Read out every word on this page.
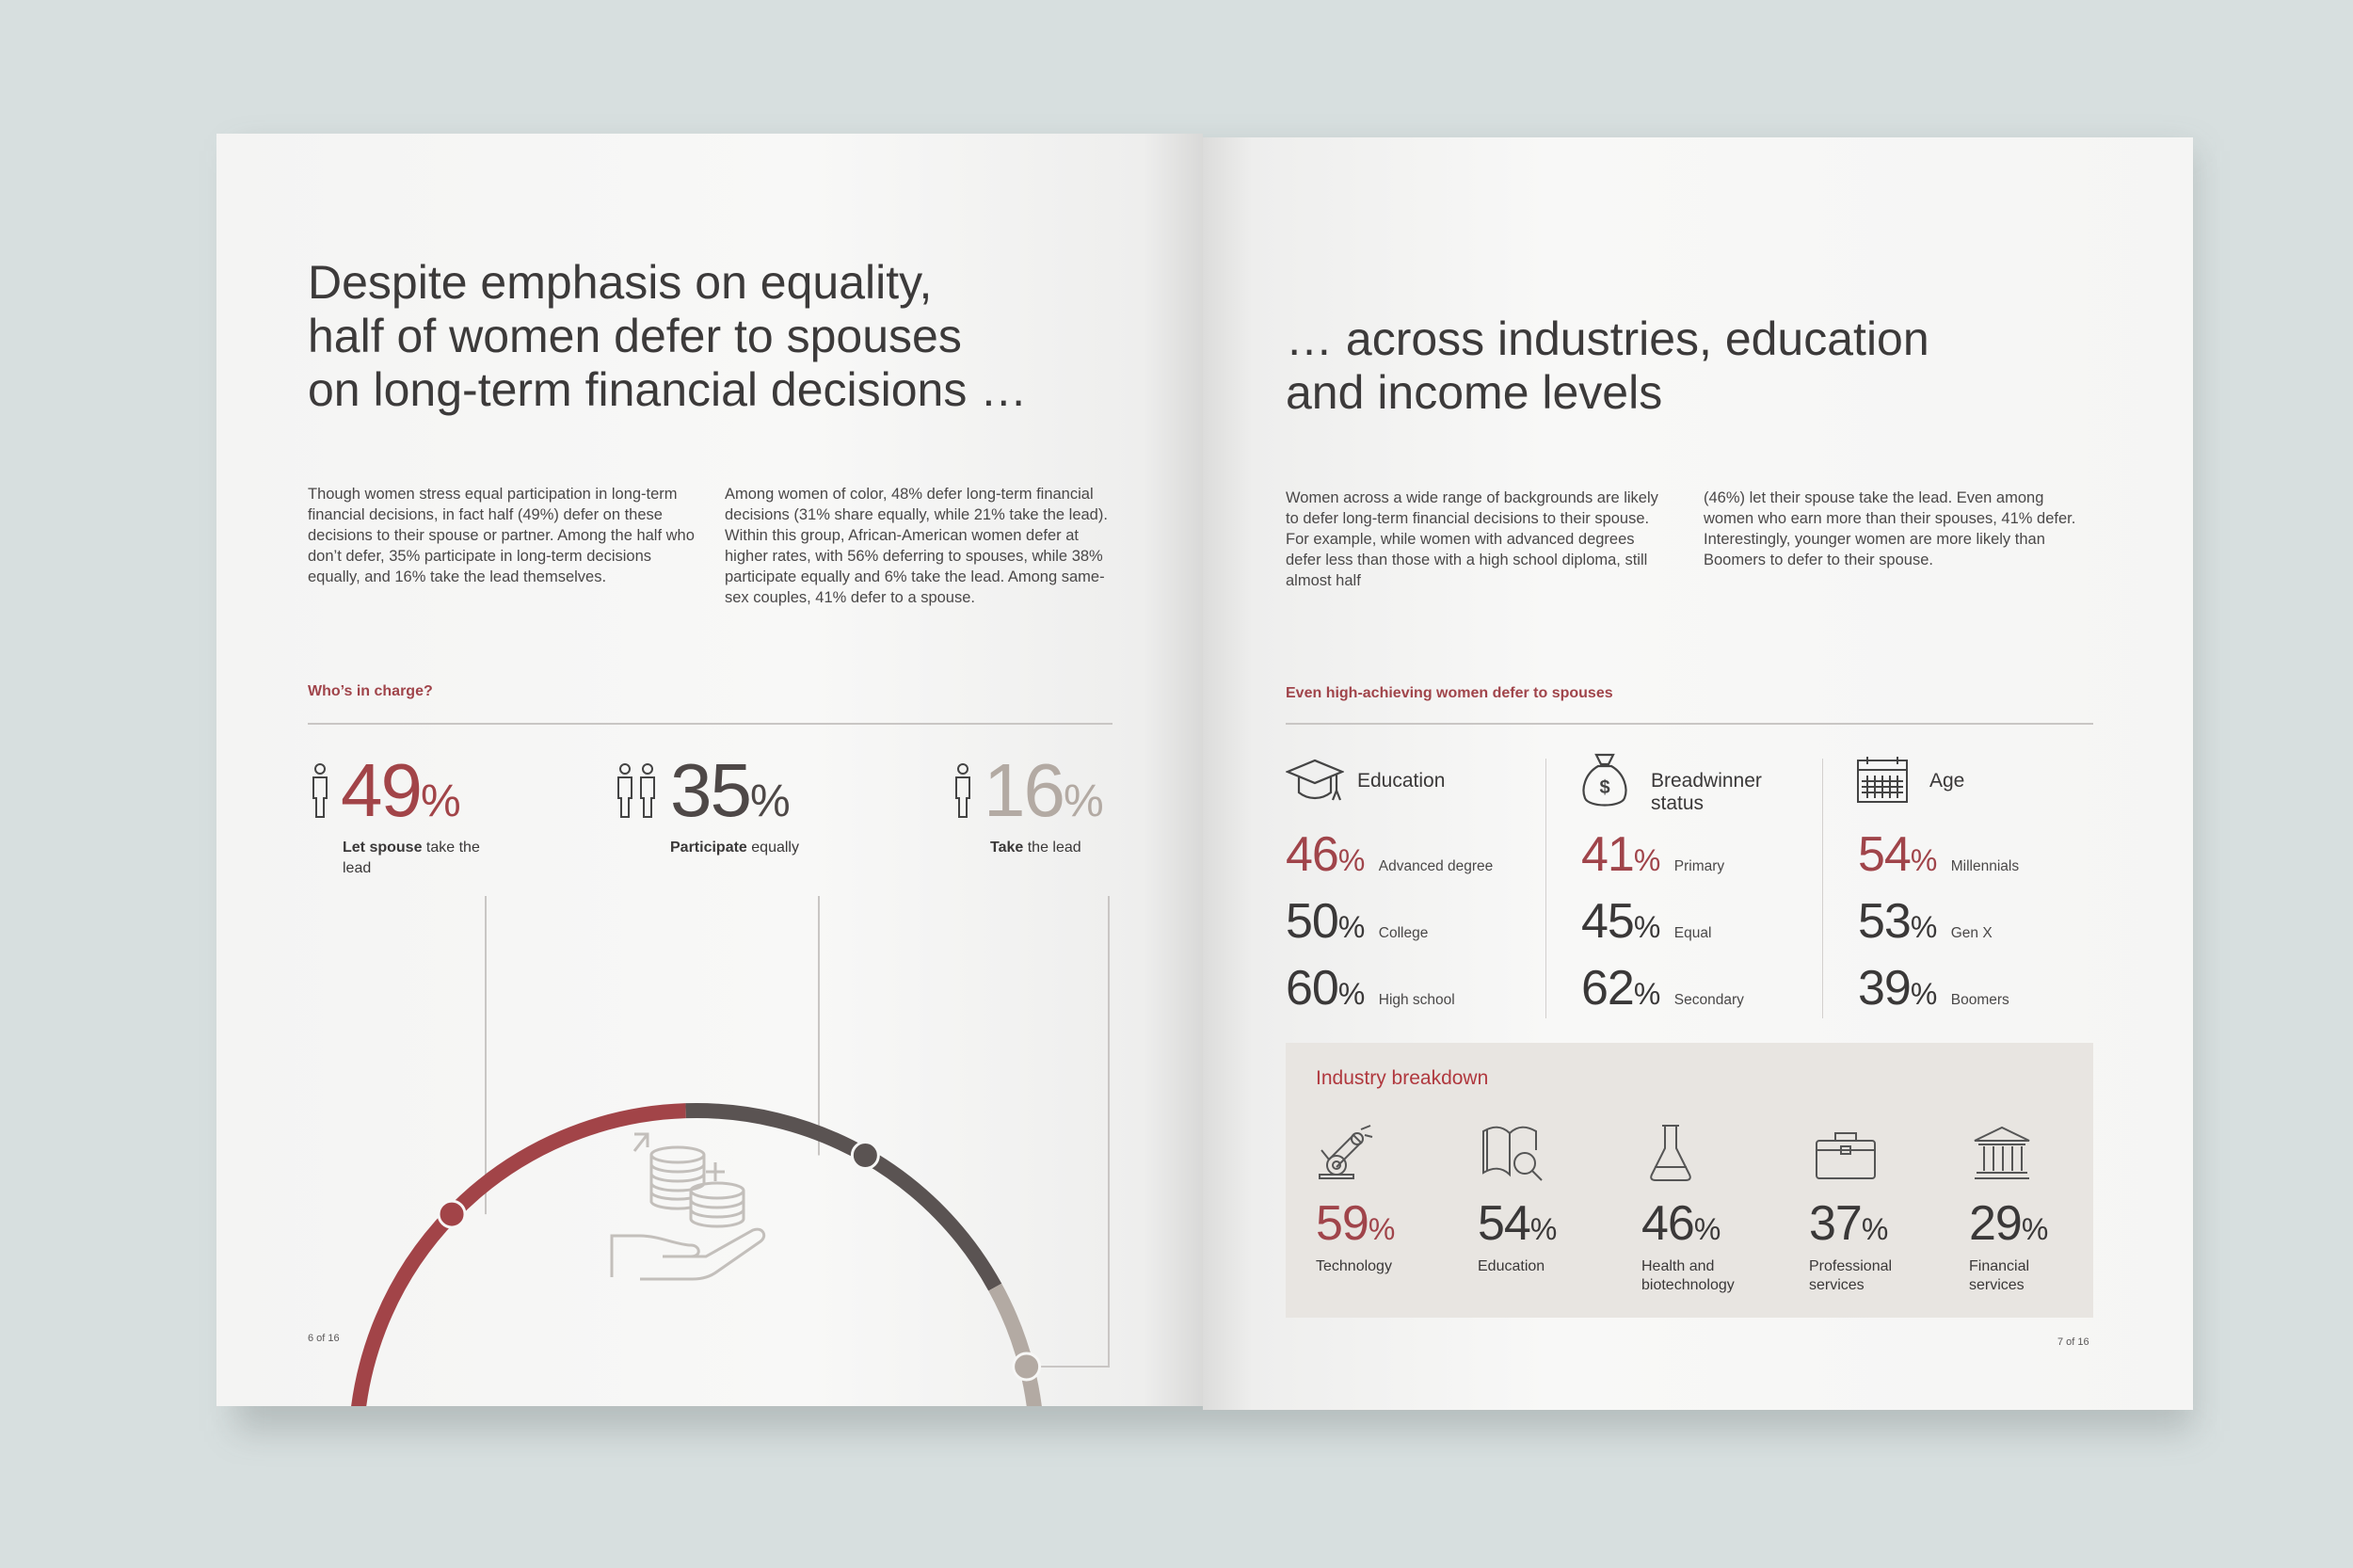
Despite emphasis on equality,
half of women defer to spouses
on long-term financial decisions …

Though women stress equal participation in long-term financial decisions, in fact half (49%) defer on these decisions to their spouse or partner. Among the half who don’t defer, 35% participate in long-term decisions equally, and 16% take the lead themselves.

Among women of color, 48% defer long-term financial decisions (31% share equally, while 21% take the lead). Within this group, African-American women defer at higher rates, with 56% deferring to spouses, while 38% participate equally and 6% take the lead. Among same-sex couples, 41% defer to a spouse.

Who’s in charge?
49%
Let spouse take the lead
35%
Participate equally
16%
Take the lead
6 of 16
… across industries, education
and income levels

Women across a wide range of backgrounds are likely to defer long-term financial decisions to their spouse. For example, while women with advanced degrees defer less than those with a high school diploma, still almost half

(46%) let their spouse take the lead. Even among women who earn more than their spouses, 41% defer. Interestingly, younger women are more likely than Boomers to defer to their spouse.

Even high-achieving women defer to spouses
Education
46% Advanced degree
50% College
60% High school
$ Breadwinner
status
41% Primary
45% Equal
62% Secondary
Age
54% Millennials
53% Gen X
39% Boomers
Industry breakdown
59%
Technology
54%
Education
46%
Health and
biotechnology
37%
Professional
services
29%
Financial
services
7 of 16
